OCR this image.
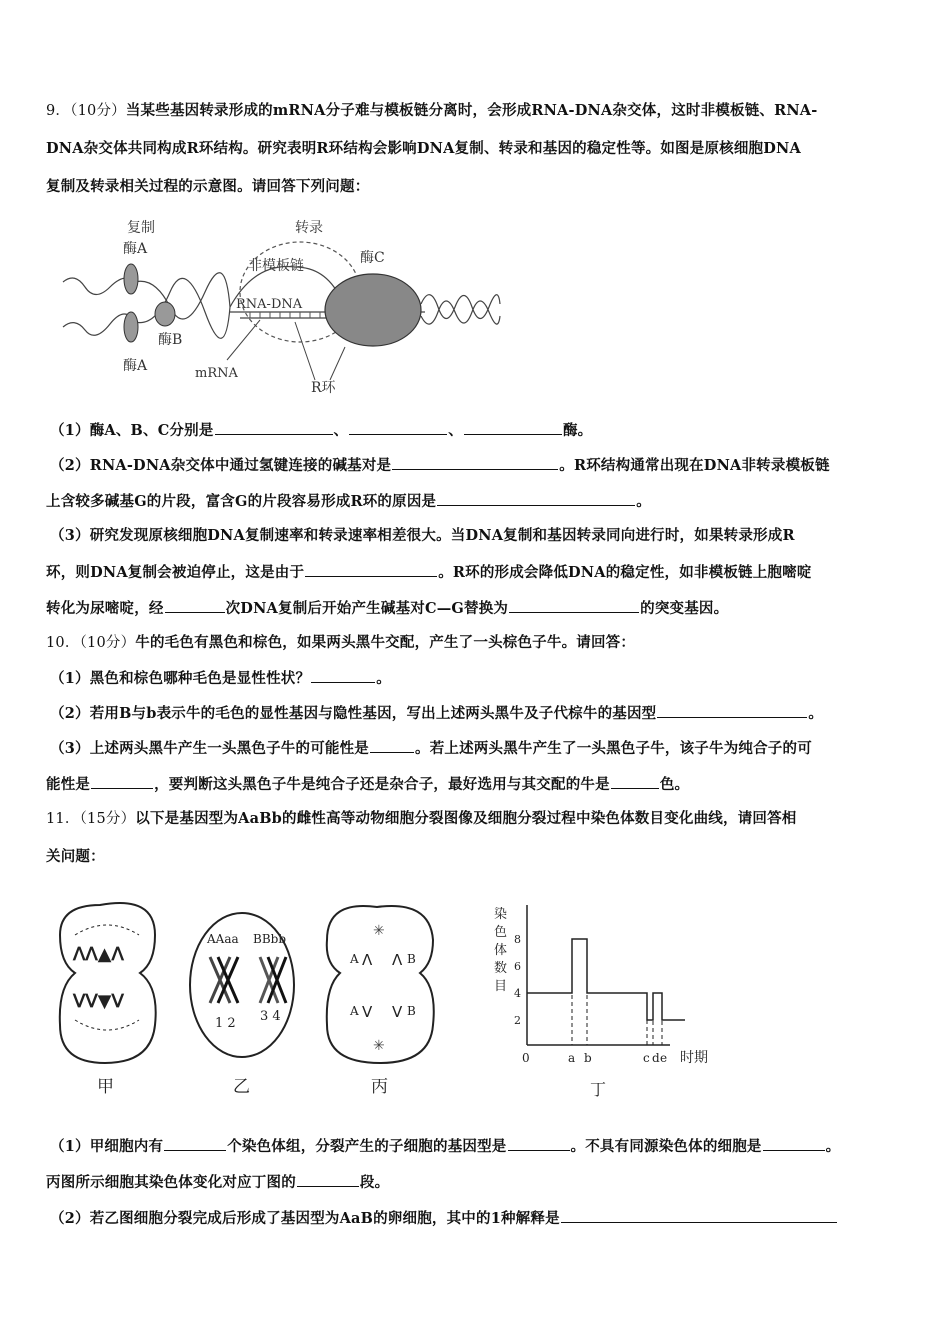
9．（10分）当某些基因转录形成的mRNA分子难与模板链分离时，会形成RNA-DNA杂交体，这时非模板链、RNA-
DNA杂交体共同构成R环结构。研究表明R环结构会影响DNA复制、转录和基因的稳定性等。如图是原核细胞DNA
复制及转录相关过程的示意图。请回答下列问题：
复制
酶A
转录
非模板链	酶C
RNA-DNA
酶B
酶A	mRNA
R环
（1）酶A、B、C分别是	、	、	酶。
（2）RNA-DNA杂交体中通过氢键连接的碱基对是	。R环结构通常出现在DNA非转录模板链
上含较多碱基G的片段，富含G的片段容易形成R环的原因是	。
（3）研究发现原核细胞DNA复制速率和转录速率相差很大。当DNA复制和基因转录同向进行时，如果转录形成R
环，则DNA复制会被迫停止，这是由于	。R环的形成会降低DNA的稳定性，如非模板链上胞嘧啶
转化为尿嘧啶，经	次DNA复制后开始产生碱基对C—G替换为	的突变基因。
10．（10分）牛的毛色有黑色和棕色，如果两头黑牛交配，产生了一头棕色子牛。请回答：
（1）黑色和棕色哪种毛色是显性性状？	。
（2）若用B与b表示牛的毛色的显性基因与隐性基因，写出上述两头黑牛及子代棕牛的基因型	。
（3）上述两头黑牛产生一头黑色子牛的可能性是	。若上述两头黑牛产生了一头黑色子牛，该子牛为纯合子的可
能性是	，要判断这头黑色子牛是纯合子还是杂合子，最好选用与其交配的牛是	色。
11．（15分）以下是基因型为AaBb的雌性高等动物细胞分裂图像及细胞分裂过程中染色体数目变化曲线，请回答相
关问题：
ᐱᐱ▲ᐱ
ᐯᐯ▼ᐯ
甲
AAaa BBbb
1 2 3 4
乙
✳
✳
A ᐱ ᐱ B
A ᐯ ᐯ B
丙
染
色
体
数
目
8
6
4
2
0	a b	c d e 时期
丁
（1）甲细胞内有	个染色体组，分裂产生的子细胞的基因型是	。不具有同源染色体的细胞是	。
丙图所示细胞其染色体变化对应丁图的	段。
（2）若乙图细胞分裂完成后形成了基因型为AaB的卵细胞，其中的1种解释是
